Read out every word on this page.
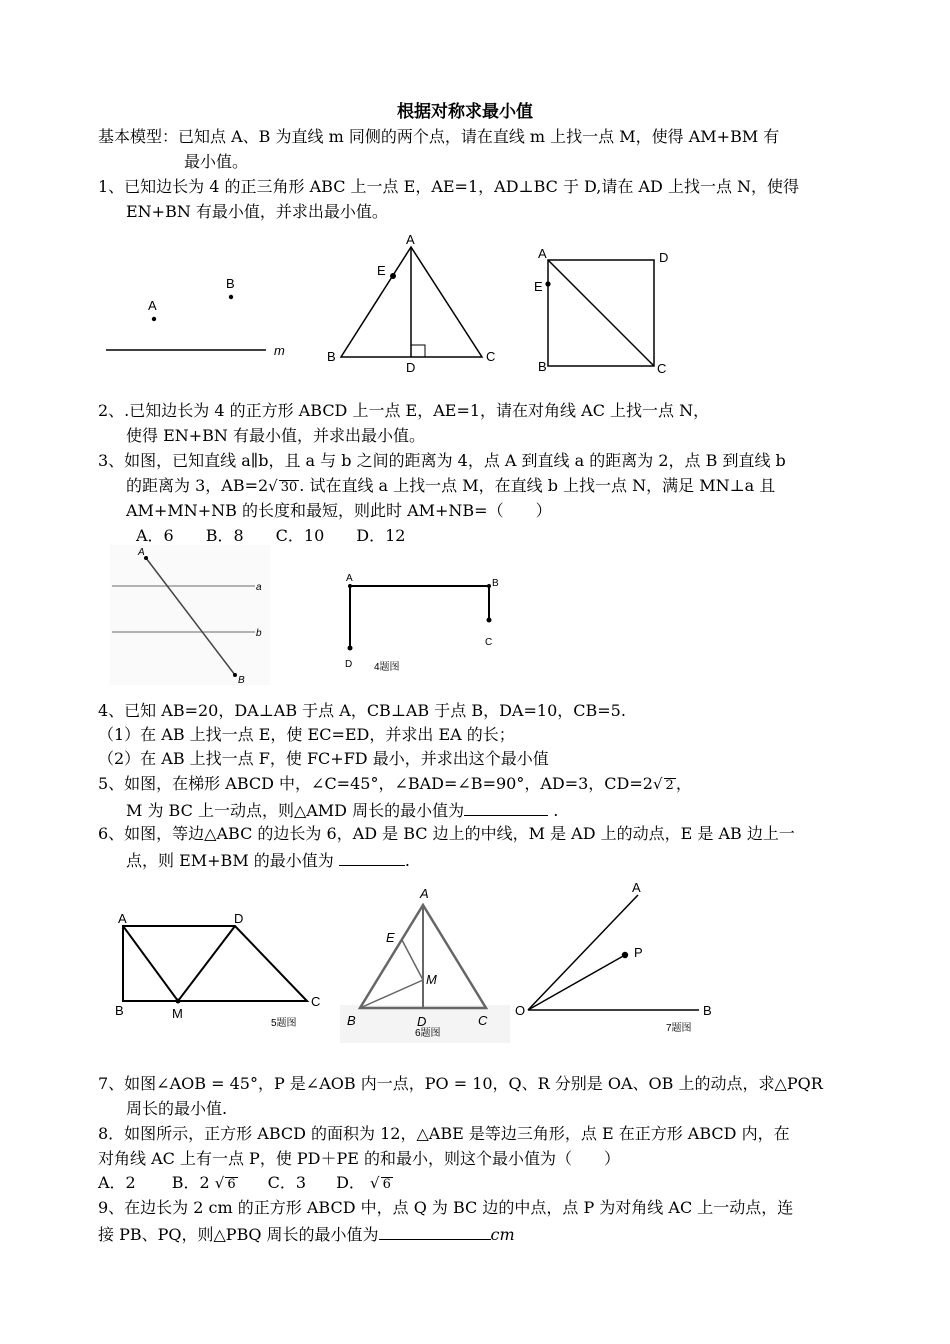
根据对称求最小值
基本模型：已知点 A、B 为直线 m 同侧的两个点，请在直线 m 上找一点 M，使得 AM+BM 有
最小值。
1、已知边长为 4 的正三角形 ABC 上一点 E，AE=1，AD⊥BC 于 D,请在 AD 上找一点 N，使得
EN+BN 有最小值，并求出最小值。
A
B
m
A
E
B
D
C
A	D
E
B	C
2、.已知边长为 4 的正方形 ABCD 上一点 E，AE=1，请在对角线 AC 上找一点 N，
使得 EN+BN 有最小值，并求出最小值。
3、如图，已知直线 a∥b，且 a 与 b 之间的距离为 4，点 A 到直线 a 的距离为 2，点 B 到直线 b
的距离为 3，AB=2√ 30 . 试在直线 a 上找一点 M，在直线 b 上找一点 N，满足 MN⊥a 且
AM+MN+NB 的长度和最短，则此时 AM+NB=（　　）
A．6　　B．8　　C．10　　D．12
A
a
b
B
A	B
C
D 4题图
4、已知 AB=20，DA⊥AB 于点 A，CB⊥AB 于点 B，DA=10，CB=5.
（1）在 AB 上找一点 E，使 EC=ED，并求出 EA 的长；
（2）在 AB 上找一点 F，使 FC+FD 最小，并求出这个最小值
5、如图，在梯形 ABCD 中，∠C=45°，∠BAD=∠B=90°，AD=3，CD=2√ 2 ，
M 为 BC 上一动点，则△AMD 周长的最小值为	.
6、如图，等边△ABC 的边长为 6，AD 是 BC 边上的中线，M 是 AD 上的动点，E 是 AB 边上一
点，则 EM+BM 的最小值为	.
A	D
B	M
C
5题图
A
E
M
B	D	C
6题图
A
P
O	B
7题图
7、如图∠AOB = 45°，P 是∠AOB 内一点，PO = 10，Q、R 分别是 OA、OB 上的动点，求△PQR
周长的最小值.
8．如图所示，正方形 ABCD 的面积为 12，△ABE 是等边三角形，点 E 在正方形 ABCD 内，在
对角线 AC 上有一点 P，使 PD＋PE 的和最小，则这个最小值为（　　）
A．2 B．2 √ 6 C．3 D． √ 6
9、在边长为 2 cm 的正方形 ABCD 中，点 Q 为 BC 边的中点，点 P 为对角线 AC 上一动点，连
接 PB、PQ，则△PBQ 周长的最小值为	cm
